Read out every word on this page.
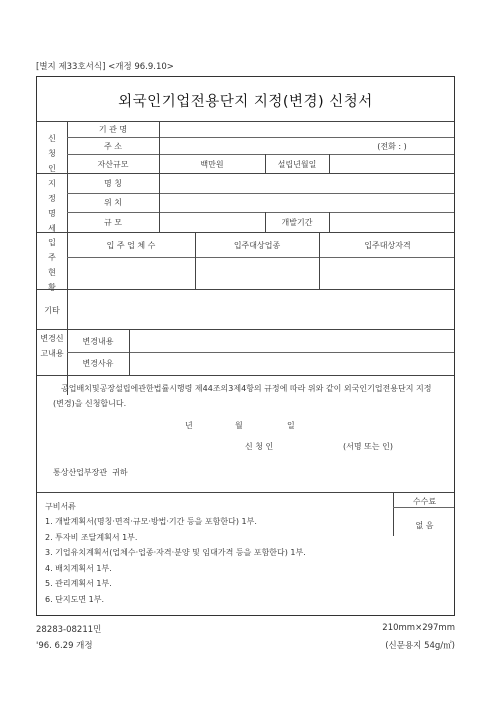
[별지 제33호서식] <개정 96.9.10>
외국인기업전용단지 지정(변경) 신청서
신청인
기 관 명
주 소	(전화 : )
자산규모	백만원	설립년월일
지정명세
명 칭
위 치
규 모	개발기간
입주현황
입 주 업 체 수	입주대상업종	입주대상자격
기타
변경신고내용
변경내용
변경사유
공업배치및공장설립에관한법률시행령 제44조의3제4항의 규정에 따라 위와 같이 외국인기업전용단지 지정(변경)을 신청합니다.
년	월	일
신 청 인	(서명 또는 인)
통상산업부장관 귀하
수수료
없 음
구비서류
1. 개발계획서(명칭·면적·규모·방법·기간 등을 포함한다) 1부.
2. 투자비 조달계획서 1부.
3. 기업유치계획서(업체수·업종·자격·분양 및 임대가격 등을 포함한다) 1부.
4. 배치계획서 1부.
5. 관리계획서 1부.
6. 단지도면 1부.
28283-08211민
'96. 6.29 개정
210mm×297mm
(신문용지 54g/㎡)
